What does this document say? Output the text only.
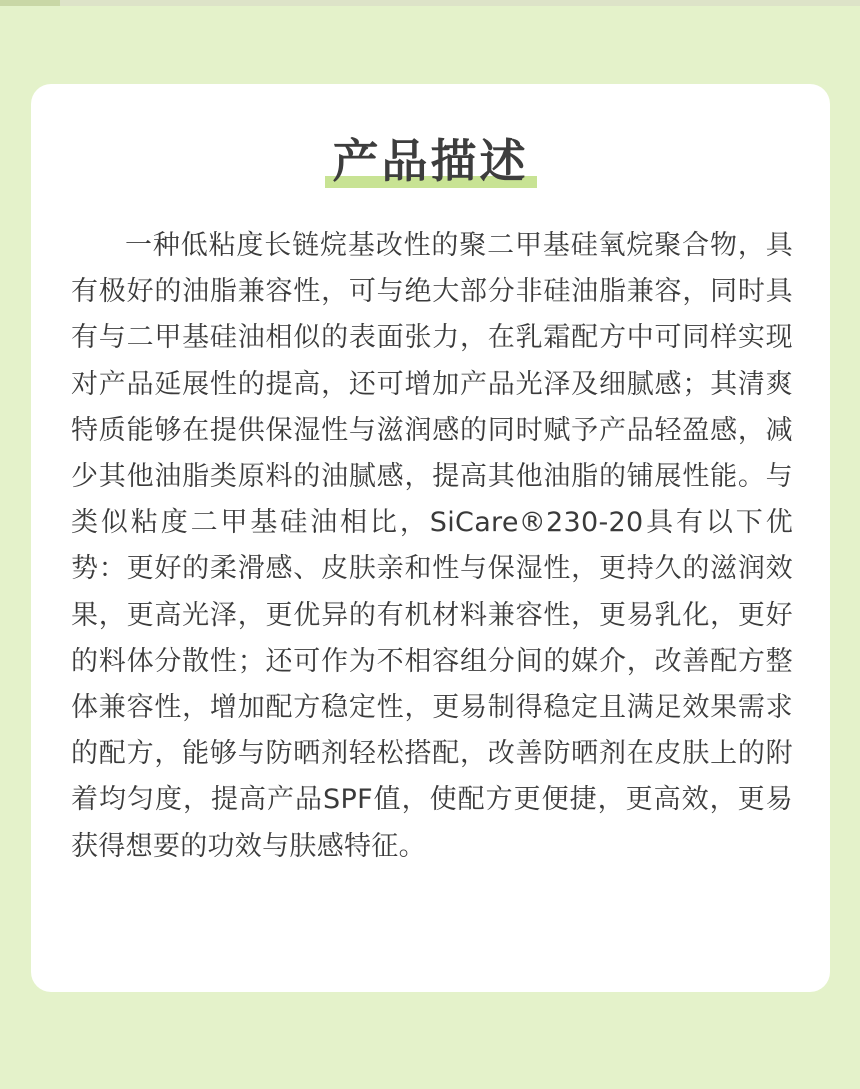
产品描述

一种低粘度长链烷基改性的聚二甲基硅氧烷聚合物，具有极好的油脂兼容性，可与绝大部分非硅油脂兼容，同时具有与二甲基硅油相似的表面张力，在乳霜配方中可同样实现对产品延展性的提高，还可增加产品光泽及细腻感；其清爽特质能够在提供保湿性与滋润感的同时赋予产品轻盈感，减少其他油脂类原料的油腻感，提高其他油脂的铺展性能。与类似粘度二甲基硅油相比，SiCare®230-20具有以下优势：更好的柔滑感、皮肤亲和性与保湿性，更持久的滋润效果，更高光泽，更优异的有机材料兼容性，更易乳化，更好的料体分散性；还可作为不相容组分间的媒介，改善配方整体兼容性，增加配方稳定性，更易制得稳定且满足效果需求的配方，能够与防晒剂轻松搭配，改善防晒剂在皮肤上的附着均匀度，提高产品SPF值，使配方更便捷，更高效，更易获得想要的功效与肤感特征。
